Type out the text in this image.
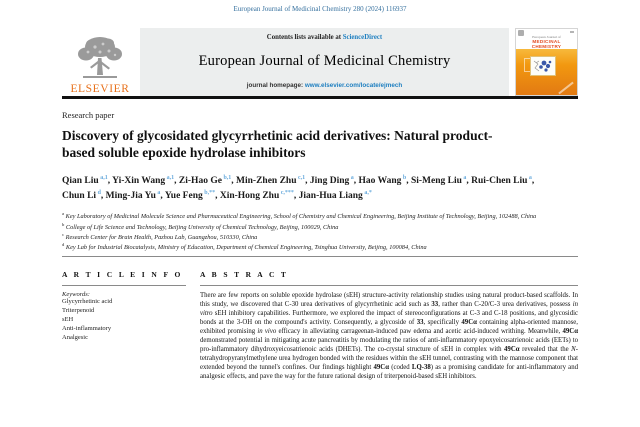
European Journal of Medicinal Chemistry 280 (2024) 116937
ELSEVIER
Contents lists available at ScienceDirect
European Journal of Medicinal Chemistry
journal homepage: www.elsevier.com/locate/ejmech
European Journal of
MEDICINAL
CHEMISTRY
Research paper
Discovery of glycosidated glycyrrhetinic acid derivatives: Natural product-based soluble epoxide hydrolase inhibitors
Qian Liu $^{a,1}$, Yi-Xin Wang $^{a,1}$, Zi-Hao Ge $^{b,1}$, Min-Zhen Zhu $^{c,1}$, Jing Ding $^a$, Hao Wang $^b$, Si-Meng Liu $^a$, Rui-Chen Liu $^a$, Chun Li $^d$, Ming-Jia Yu $^a$, Yue Feng $^{b,**}$, Xin-Hong Zhu $^{c,***}$, Jian-Hua Liang $^{a,*}$
$^a$ Key Laboratory of Medicinal Molecule Science and Pharmaceutical Engineering, School of Chemistry and Chemical Engineering, Beijing Institute of Technology, Beijing, 102488, China
$^b$ College of Life Science and Technology, Beijing University of Chemical Technology, Beijing, 100029, China
$^c$ Research Center for Brain Health, Pazhou Lab, Guangzhou, 510330, China
$^d$ Key Lab for Industrial Biocatalysis, Ministry of Education, Department of Chemical Engineering, Tsinghua University, Beijing, 100084, China
A R T I C L E I N F O
Keywords:
Glycyrrhetinic acid
Triterpenoid
sEH
Anti-inflammatory
Analgesic
A B S T R A C T
There are few reports on soluble epoxide hydrolase (sEH) structure-activity relationship studies using natural product-based scaffolds. In this study, we discovered that C-30 urea derivatives of glycyrrhetinic acid such as 33, rather than C-20/C-3 urea derivatives, possess in vitro sEH inhibitory capabilities. Furthermore, we explored the impact of stereoconfigurations at C-3 and C-18 positions, and glycosidic bonds at the 3-OH on the compound's activity. Consequently, a glycoside of 33, specifically 49Cα containing alpha-oriented mannose, exhibited promising in vivo efficacy in alleviating carrageenan-induced paw edema and acetic acid-induced writhing. Meanwhile, 49Cα demonstrated potential in mitigating acute pancreatitis by modulating the ratios of anti-inflammatory epoxyeicosatrienoic acids (EETs) to pro-inflammatory dihydroxyeicosatrienoic acids (DHETs). The co-crystal structure of sEH in complex with 49Cα revealed that the N-tetrahydropyranylmethylene urea hydrogen bonded with the residues within the sEH tunnel, contrasting with the mannose component that extended beyond the tunnel's confines. Our findings highlight 49Cα (coded LQ-38) as a promising candidate for anti-inflammatory and analgesic effects, and pave the way for the future rational design of triterpenoid-based sEH inhibitors.
